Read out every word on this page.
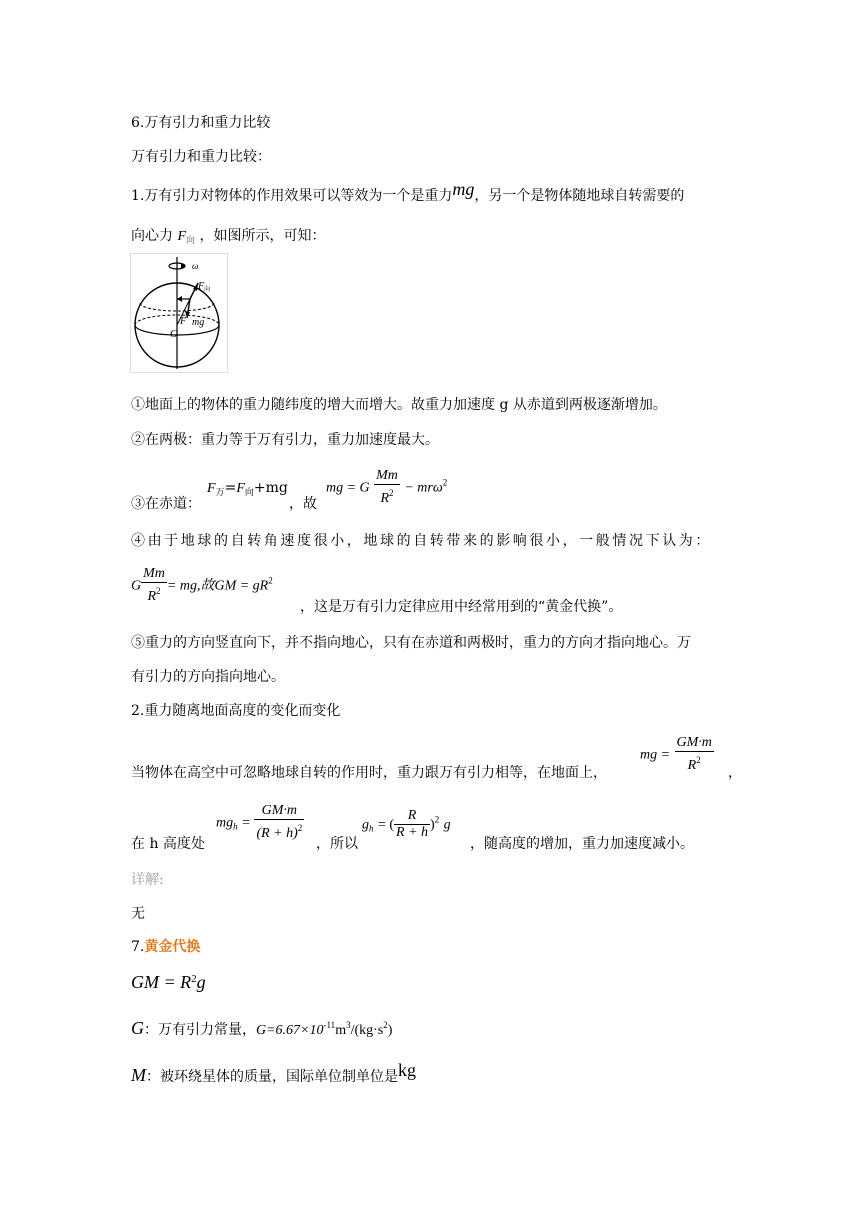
6.万有引力和重力比较
万有引力和重力比较：
1.万有引力对物体的作用效果可以等效为一个是重力mg，另一个是物体随地球自转需要的
向心力 $F_向$ ，如图所示，可知：
ω
$F_向$
F mg
O
①地面上的物体的重力随纬度的增大而增大。故重力加速度 g 从赤道到两极逐渐增加。
②在两极：重力等于万有引力，重力加速度最大。
③在赤道：
$F_万=F_向+mg$
，故
mg = G $\frac{Mm}{R^2} - mr\omega^2$
④由于地球的自转角速度很小，地球的自转带来的影响很小，一般情况下认为：
G $\frac{Mm}{R^2}$ = mg,故GM = $gR^2$
，这是万有引力定律应用中经常用到的“黄金代换”。
⑤重力的方向竖直向下，并不指向地心，只有在赤道和两极时，重力的方向才指向地心。万
有引力的方向指向地心。
2.重力随离地面高度的变化而变化
当物体在高空中可忽略地球自转的作用时，重力跟万有引力相等，在地面上，
mg = $\frac{GM\cdot m}{R^2}$ ，
在 h 高度处
$mg_h = \frac{GM\cdot m}{(R + h)^2}$
，所以
$g_h$ = ( $\frac{R}{R + h} )^2$ g
，随高度的增加，重力加速度减小。
详解:
无
7.黄金代换
GM = $R^2g$
G：万有引力常量，$G=6.67\times 10^{-11}m^3/(kg\cdot s^2)$
M：被环绕星体的质量，国际单位制单位是kg
